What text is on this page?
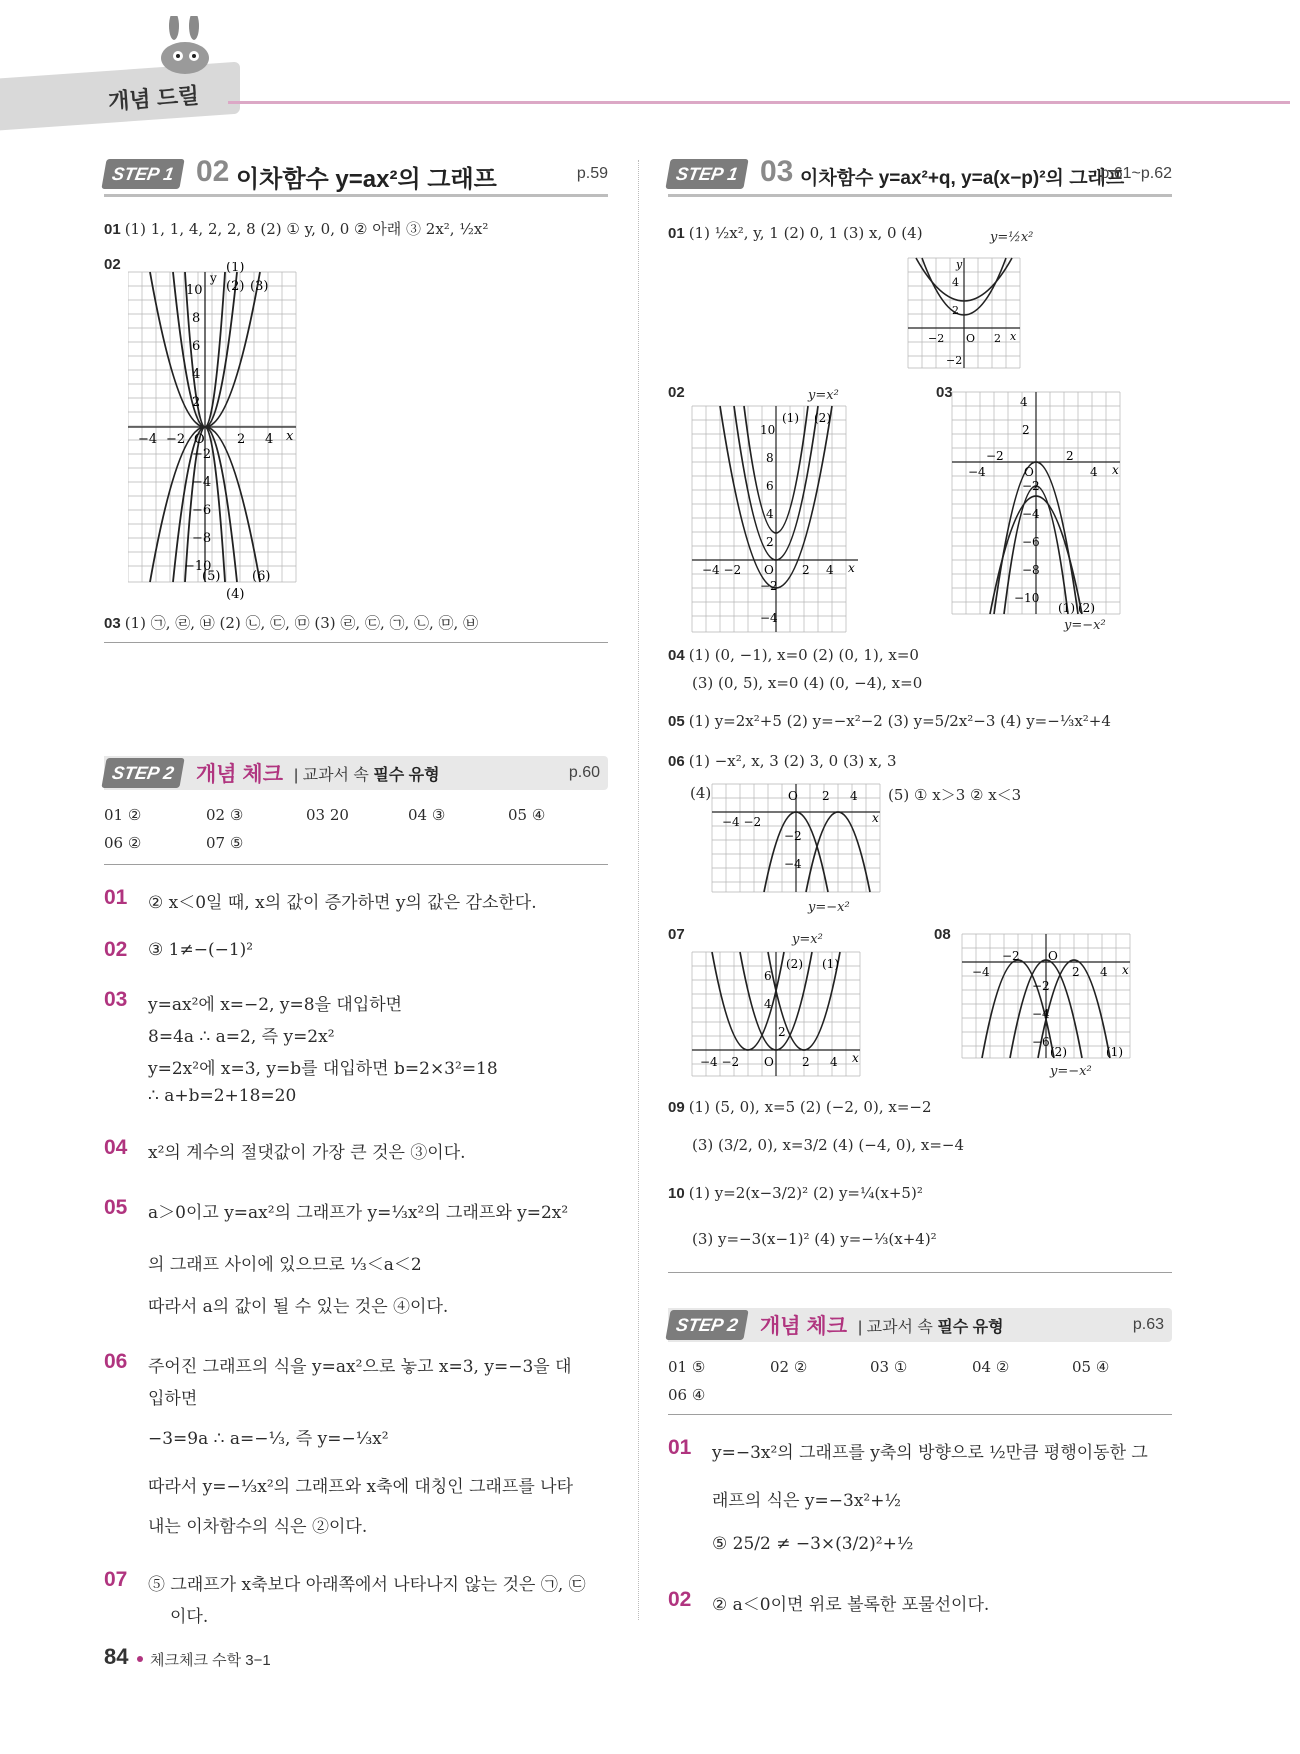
개념 드릴
STEP 1 02 이차함수 y=ax²의 그래프	p.59
01 (1) 1, 1, 4, 2, 2, 8 (2) ① y, 0, 0 ② 아래 ③ 2x², ½x²
02
y
10
8
6
4
2
−2
−4
−6
−8
−10
−4 −2 O 2 4 x
(1)
(2) (3)
(4)
(5) (6)
03 (1) ㉠, ㉣, ㉥ (2) ㉡, ㉢, ㉤ (3) ㉣, ㉢, ㉠, ㉡, ㉤, ㉥
STEP 2 개념 체크 | 교과서 속 필수 유형	p.60
01 ②	02 ③	03 20	04 ③	05 ④
06 ②	07 ⑤
01 ② x＜0일 때, x의 값이 증가하면 y의 값은 감소한다.
02 ③ 1≠−(−1)²
03 y=ax²에 x=−2, y=8을 대입하면
8=4a ∴ a=2, 즉 y=2x²
y=2x²에 x=3, y=b를 대입하면 b=2×3²=18
∴ a+b=2+18=20
04 x²의 계수의 절댓값이 가장 큰 것은 ③이다.
05 a＞0이고 y=ax²의 그래프가 y=⅓x²의 그래프와 y=2x²
의 그래프 사이에 있으므로 ⅓＜a＜2
따라서 a의 값이 될 수 있는 것은 ④이다.
06 주어진 그래프의 식을 y=ax²으로 놓고 x=3, y=−3을 대
입하면
−3=9a ∴ a=−⅓, 즉 y=−⅓x²
따라서 y=−⅓x²의 그래프와 x축에 대칭인 그래프를 나타
내는 이차함수의 식은 ②이다.
07 ⑤ 그래프가 x축보다 아래쪽에서 나타나지 않는 것은 ㉠, ㉢
이다.
STEP 1 03 이차함수 y=ax²+q, y=a(x−p)²의 그래프
p.61~p.62
01 (1) ½x², y, 1 (2) 0, 1 (3) x, 0 (4)	y=½x²
4
2
−2 O 2
−2
x
y
02	y=x²
10
8
6
4
2
−4 −2 O 2 4
−2
−4
x
(1) (2)
03
4
2
−2	2
−4	4
O
−2
−4
−6
−8
−10
x
(1) (2)
y=−x²
04 (1) (0, −1), x=0 (2) (0, 1), x=0
(3) (0, 5), x=0 (4) (0, −4), x=0
05 (1) y=2x²+5 (2) y=−x²−2 (3) y=5/2x²−3 (4) y=−⅓x²+4
06 (1) −x², x, 3 (2) 3, 0 (3) x, 3
(4)	(5) ① x＞3 ② x＜3
O 2 4
−4 −2
−2
−4
x
y=−x²
07	y=x²
6
4
2
−4 −2 O 2 4 x
(2) (1)
08
−2 O
−4	2 4
−2
−4
−6
x
(2)	(1)
y=−x²
09 (1) (5, 0), x=5 (2) (−2, 0), x=−2
(3) (3/2, 0), x=3/2 (4) (−4, 0), x=−4
10 (1) y=2(x−3/2)² (2) y=¼(x+5)²
(3) y=−3(x−1)² (4) y=−⅓(x+4)²
STEP 2 개념 체크 | 교과서 속 필수 유형	p.63
01 ⑤	02 ②	03 ①	04 ②	05 ④
06 ④
01 y=−3x²의 그래프를 y축의 방향으로 ½만큼 평행이동한 그
래프의 식은 y=−3x²+½
⑤ 25/2 ≠ −3×(3/2)²+½
02 ② a＜0이면 위로 볼록한 포물선이다.
84 체크체크 수학 3−1
